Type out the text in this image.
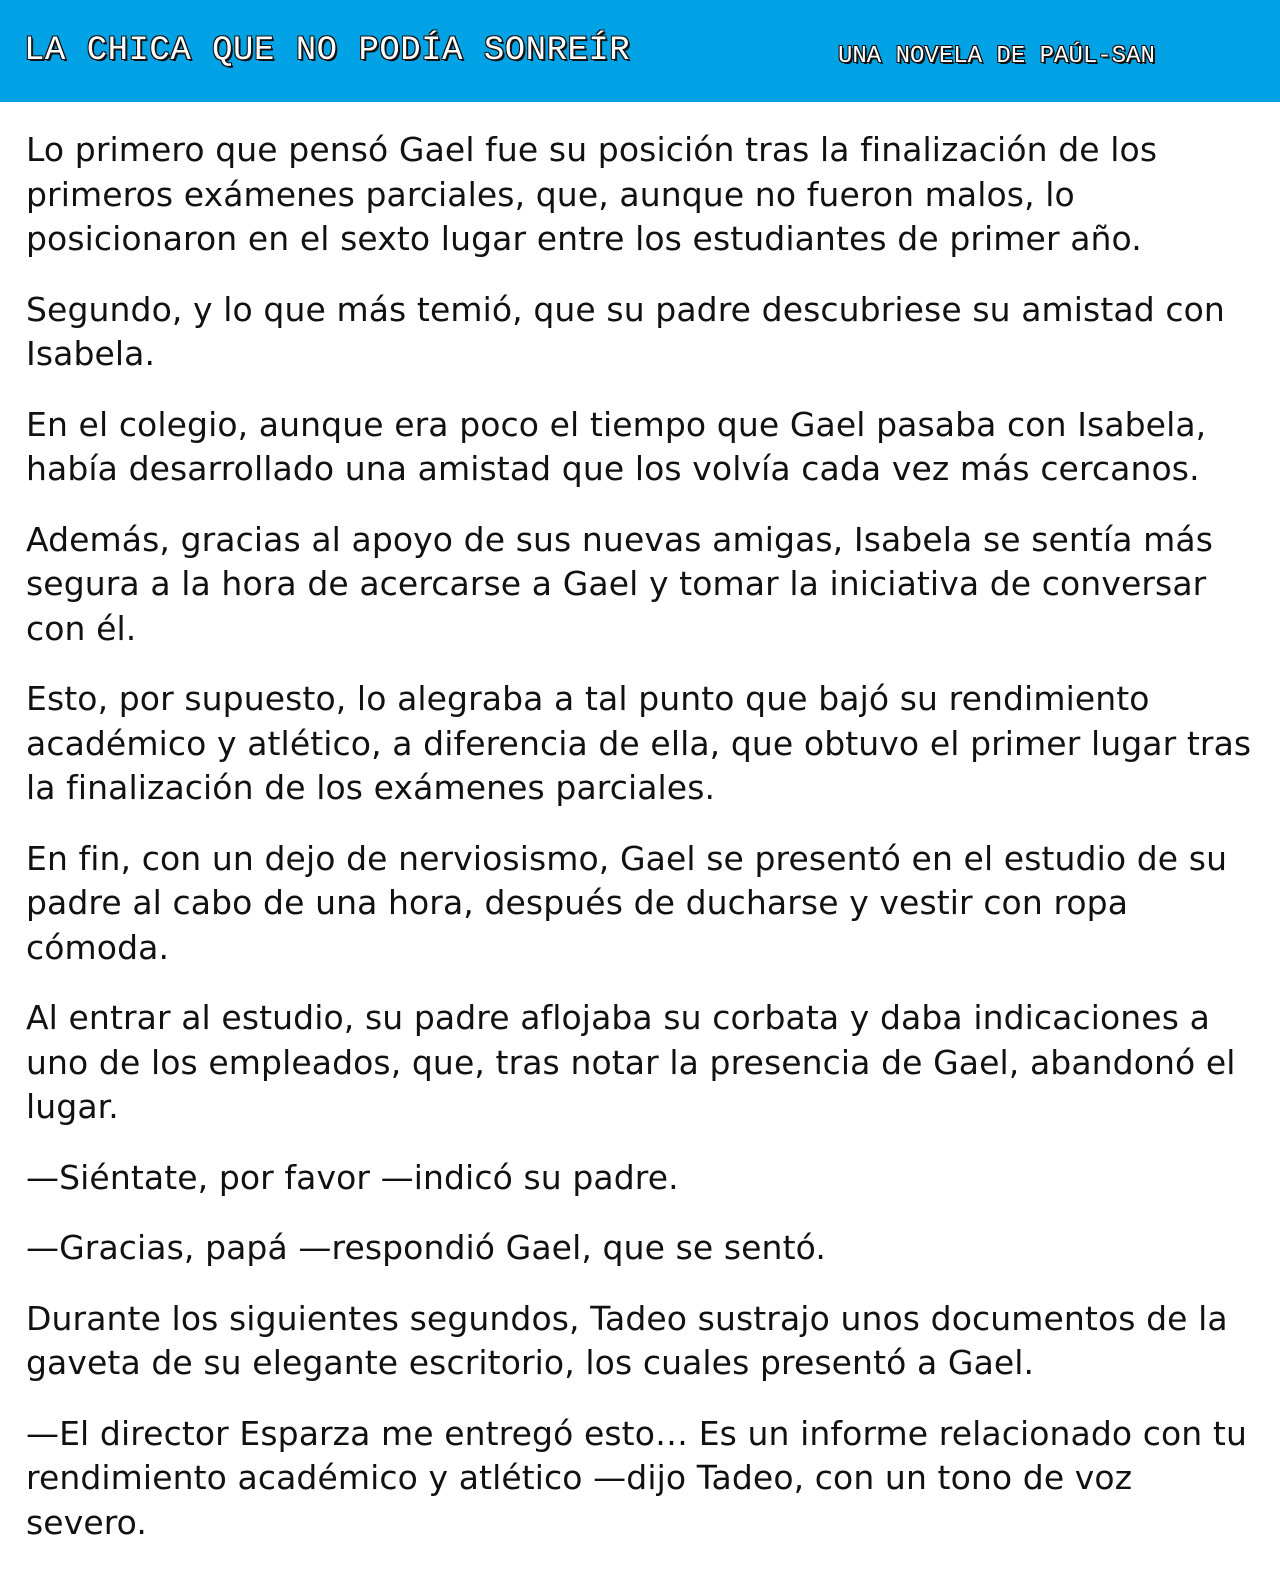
LA CHICA QUE NO PODÍA SONREÍR	UNA NOVELA DE PAÚL-SAN

Lo primero que pensó Gael fue su posición tras la finalización de los primeros exámenes parciales, que, aunque no fueron malos, lo posicionaron en el sexto lugar entre los estudiantes de primer año.

Segundo, y lo que más temió, que su padre descubriese su amistad con Isabela.

En el colegio, aunque era poco el tiempo que Gael pasaba con Isabela, había desarrollado una amistad que los volvía cada vez más cercanos.

Además, gracias al apoyo de sus nuevas amigas, Isabela se sentía más segura a la hora de acercarse a Gael y tomar la iniciativa de conversar con él.

Esto, por supuesto, lo alegraba a tal punto que bajó su rendimiento académico y atlético, a diferencia de ella, que obtuvo el primer lugar tras la finalización de los exámenes parciales.

En fin, con un dejo de nerviosismo, Gael se presentó en el estudio de su padre al cabo de una hora, después de ducharse y vestir con ropa cómoda.

Al entrar al estudio, su padre aflojaba su corbata y daba indicaciones a uno de los empleados, que, tras notar la presencia de Gael, abandonó el lugar.

—Siéntate, por favor —indicó su padre.

—Gracias, papá —respondió Gael, que se sentó.

Durante los siguientes segundos, Tadeo sustrajo unos documentos de la gaveta de su elegante escritorio, los cuales presentó a Gael.

—El director Esparza me entregó esto… Es un informe relacionado con tu rendimiento académico y atlético —dijo Tadeo, con un tono de voz severo.
